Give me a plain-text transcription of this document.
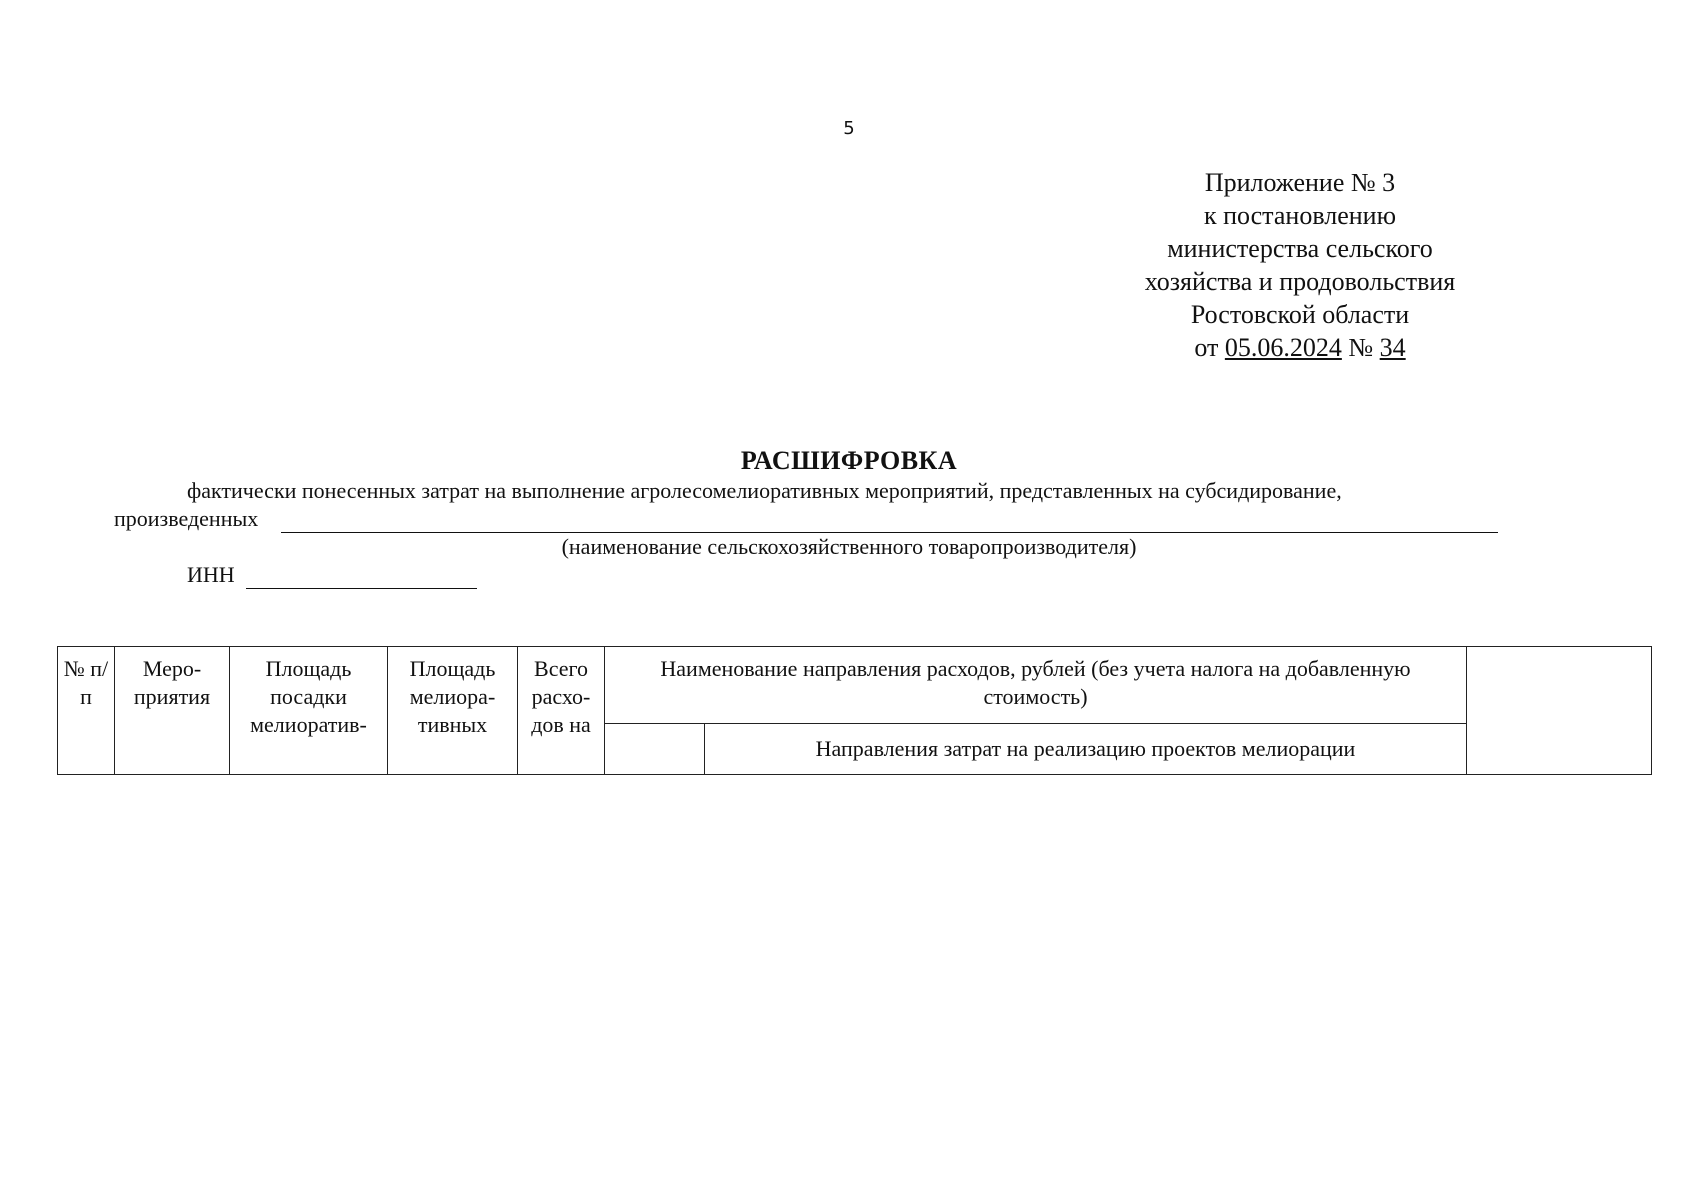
5
Приложение № 3
к постановлению
министерства сельского
хозяйства и продовольствия
Ростовской области
от 05.06.2024 № 34
РАСШИФРОВКА
фактически понесенных затрат на выполнение агролесомелиоративных мероприятий, представленных на субсидирование,
произведенных
(наименование сельскохозяйственного товаропроизводителя)
ИНН
№ п/п	Меро-приятия	Площадь посадки мелиоратив-	Площадь мелиора-тивных	Всего расхо-дов на	Наименование направления расходов, рублей (без учета налога на добавленную стоимость)		
						Направления затрат на реализацию проектов мелиорации	
